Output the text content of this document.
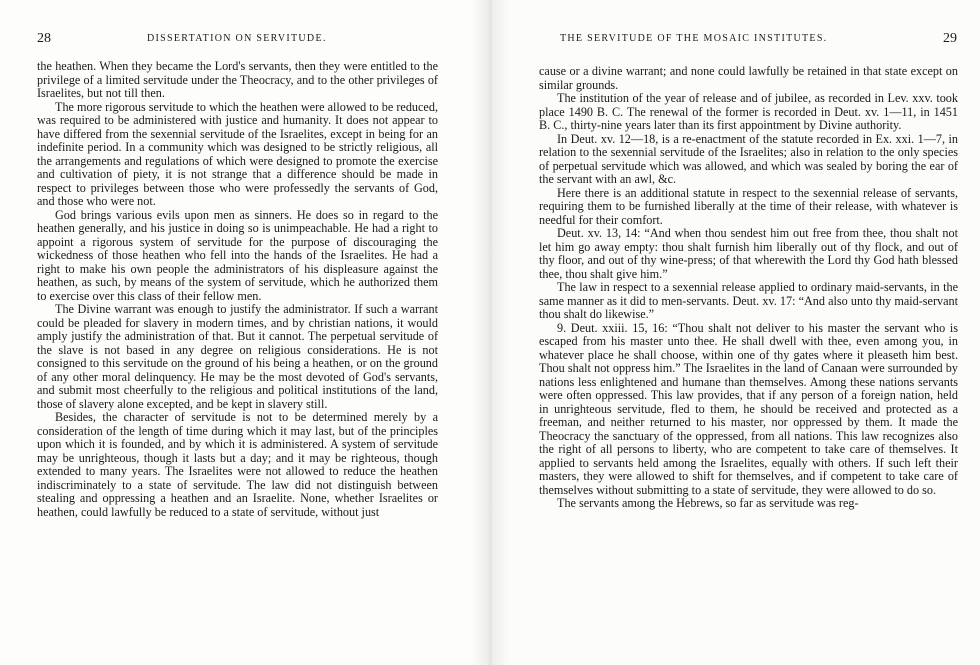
28	DISSERTATION ON SERVITUDE.

the heathen. When they became the Lord's servants, then they were entitled to the privilege of a limited servitude under the Theocracy, and to the other privileges of Israelites, but not till then.

The more rigorous servitude to which the heathen were allowed to be reduced, was required to be administered with justice and humanity. It does not appear to have differed from the sexennial servitude of the Israelites, except in being for an indefinite period. In a community which was designed to be strictly religious, all the arrangements and regulations of which were designed to promote the exercise and cultivation of piety, it is not strange that a difference should be made in respect to privileges between those who were professedly the servants of God, and those who were not.

God brings various evils upon men as sinners. He does so in regard to the heathen generally, and his justice in doing so is unimpeachable. He had a right to appoint a rigorous system of servitude for the purpose of discouraging the wickedness of those heathen who fell into the hands of the Israelites. He had a right to make his own people the administrators of his displeasure against the heathen, as such, by means of the system of servitude, which he authorized them to exercise over this class of their fellow men.

The Divine warrant was enough to justify the administrator. If such a warrant could be pleaded for slavery in modern times, and by christian nations, it would amply justify the administration of that. But it cannot. The perpetual servitude of the slave is not based in any degree on religious considerations. He is not consigned to this servitude on the ground of his being a heathen, or on the ground of any other moral delinquency. He may be the most devoted of God's servants, and submit most cheerfully to the religious and political institutions of the land, those of slavery alone excepted, and be kept in slavery still.

Besides, the character of servitude is not to be determined merely by a consideration of the length of time during which it may last, but of the principles upon which it is founded, and by which it is administered. A system of servitude may be unrighteous, though it lasts but a day; and it may be righteous, though extended to many years. The Israelites were not allowed to reduce the heathen indiscriminately to a state of servitude. The law did not distinguish between stealing and oppressing a heathen and an Israelite. None, whether Israelites or heathen, could lawfully be reduced to a state of servitude, without just

THE SERVITUDE OF THE MOSAIC INSTITUTES.	29

cause or a divine warrant; and none could lawfully be retained in that state except on similar grounds.

The institution of the year of release and of jubilee, as recorded in Lev. xxv. took place 1490 B. C. The renewal of the former is recorded in Deut. xv. 1—11, in 1451 B. C., thirty-nine years later than its first appointment by Divine authority.

In Deut. xv. 12—18, is a re-enactment of the statute recorded in Ex. xxi. 1—7, in relation to the sexennial servitude of the Israelites; also in relation to the only species of perpetual servitude which was allowed, and which was sealed by boring the ear of the servant with an awl, &c.

Here there is an additional statute in respect to the sexennial release of servants, requiring them to be furnished liberally at the time of their release, with whatever is needful for their comfort.

Deut. xv. 13, 14: “And when thou sendest him out free from thee, thou shalt not let him go away empty: thou shalt furnish him liberally out of thy flock, and out of thy floor, and out of thy wine-press; of that wherewith the Lord thy God hath blessed thee, thou shalt give him.”

The law in respect to a sexennial release applied to ordinary maid-servants, in the same manner as it did to men-servants. Deut. xv. 17: “And also unto thy maid-servant thou shalt do likewise.”

9. Deut. xxiii. 15, 16: “Thou shalt not deliver to his master the servant who is escaped from his master unto thee. He shall dwell with thee, even among you, in whatever place he shall choose, within one of thy gates where it pleaseth him best. Thou shalt not oppress him.” The Israelites in the land of Canaan were surrounded by nations less enlightened and humane than themselves. Among these nations servants were often oppressed. This law provides, that if any person of a foreign nation, held in unrighteous servitude, fled to them, he should be received and protected as a freeman, and neither returned to his master, nor oppressed by them. It made the Theocracy the sanctuary of the oppressed, from all nations. This law recognizes also the right of all persons to liberty, who are competent to take care of themselves. It applied to servants held among the Israelites, equally with others. If such left their masters, they were allowed to shift for themselves, and if competent to take care of themselves without submitting to a state of servitude, they were allowed to do so.

The servants among the Hebrews, so far as servitude was reg-
